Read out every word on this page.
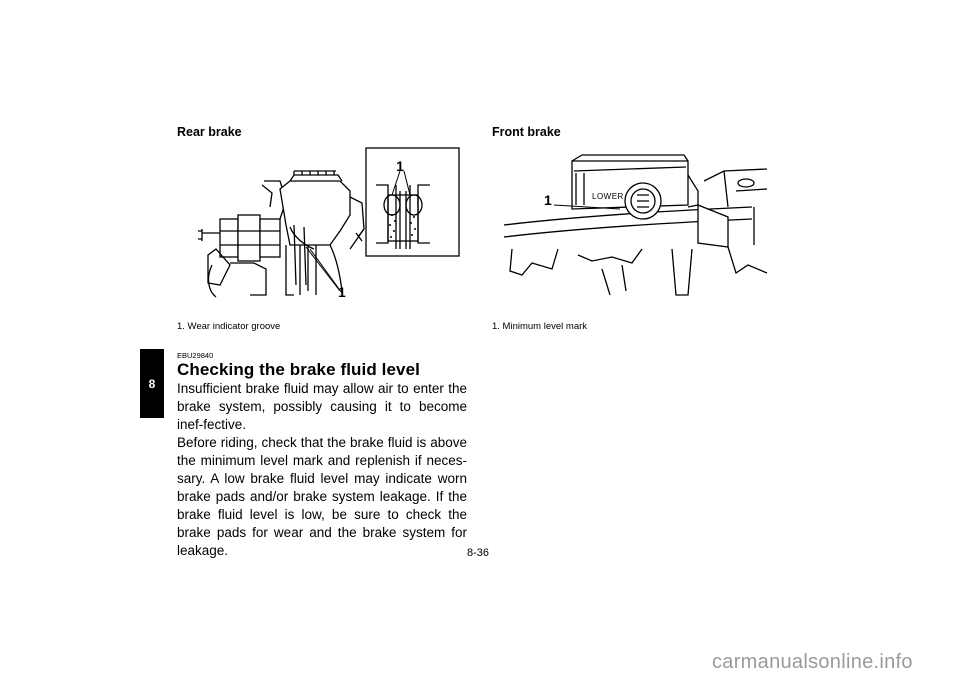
8
Rear brake	Front brake
1
1
1. Wear indicator groove
LOWER
1
1. Minimum level mark
EBU29840
Checking the brake fluid level

Insufficient brake fluid may allow air to enter the brake system, possibly causing it to become inef-fective.

Before riding, check that the brake fluid is above the minimum level mark and replenish if neces-sary. A low brake fluid level may indicate worn brake pads and/or brake system leakage. If the brake fluid level is low, be sure to check the brake pads for wear and the brake system for leakage.	8-36
carmanualsonline.info
